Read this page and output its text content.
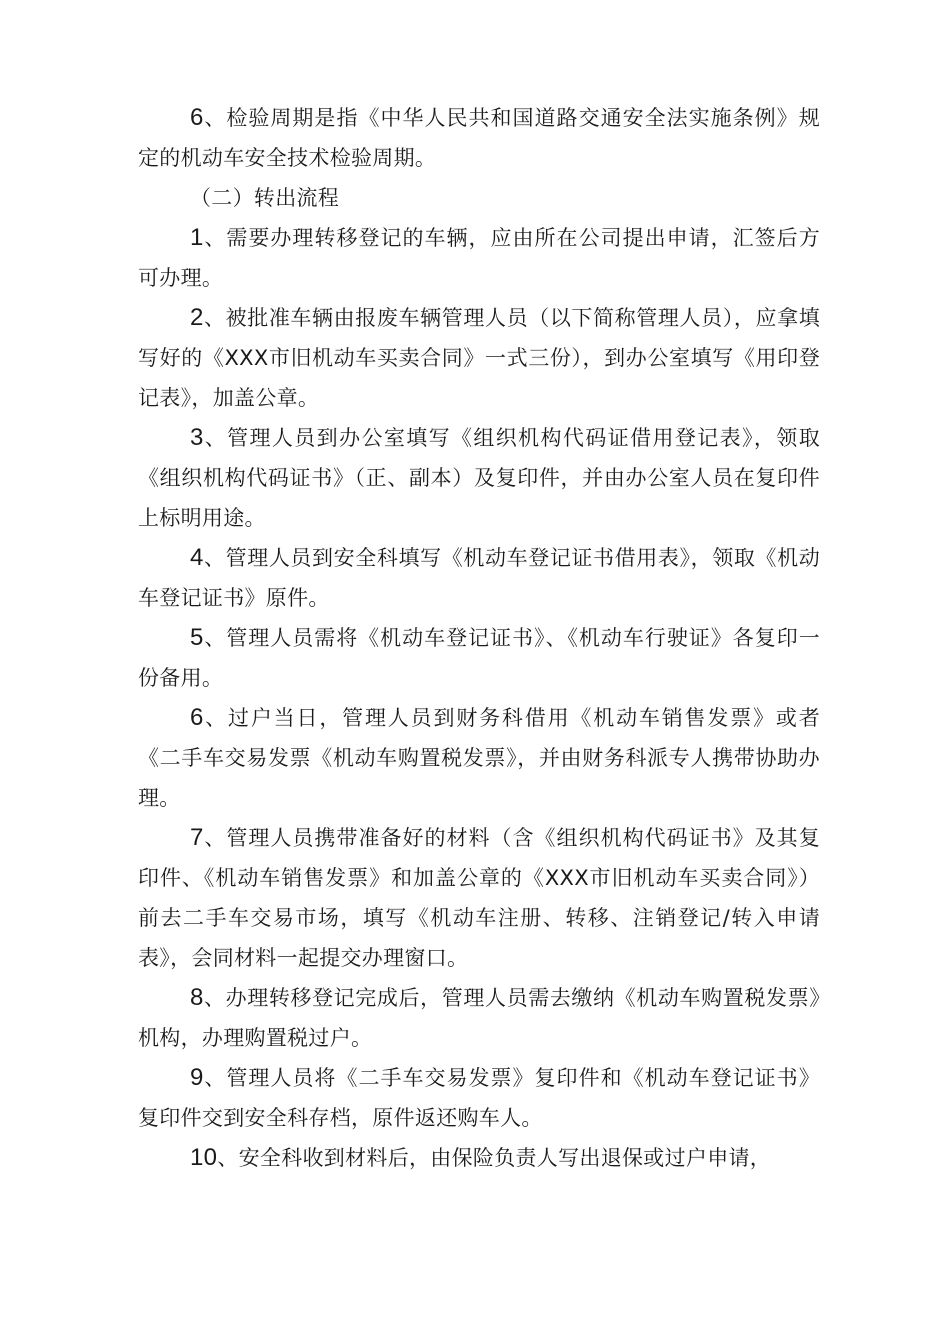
6、检验周期是指《中华人民共和国道路交通安全法实施条例》规定的机动车安全技术检验周期。

（二）转出流程

1、需要办理转移登记的车辆，应由所在公司提出申请，汇签后方可办理。

2、被批准车辆由报废车辆管理人员（以下简称管理人员），应拿填写好的《XXX市旧机动车买卖合同》一式三份），到办公室填写《用印登记表》，加盖公章。

3、管理人员到办公室填写《组织机构代码证借用登记表》，领取《组织机构代码证书》（正、副本）及复印件，并由办公室人员在复印件上标明用途。

4、管理人员到安全科填写《机动车登记证书借用表》，领取《机动车登记证书》原件。

5、管理人员需将《机动车登记证书》、《机动车行驶证》各复印一份备用。

6、过户当日，管理人员到财务科借用《机动车销售发票》或者《二手车交易发票《机动车购置税发票》，并由财务科派专人携带协助办理。

7、管理人员携带准备好的材料（含《组织机构代码证书》及其复印件、《机动车销售发票》和加盖公章的《XXX市旧机动车买卖合同》）前去二手车交易市场，填写《机动车注册、转移、注销登记/转入申请表》，会同材料一起提交办理窗口。

8、办理转移登记完成后，管理人员需去缴纳《机动车购置税发票》机构，办理购置税过户。

9、管理人员将《二手车交易发票》复印件和《机动车登记证书》复印件交到安全科存档，原件返还购车人。

10、安全科收到材料后，由保险负责人写出退保或过户申请，
